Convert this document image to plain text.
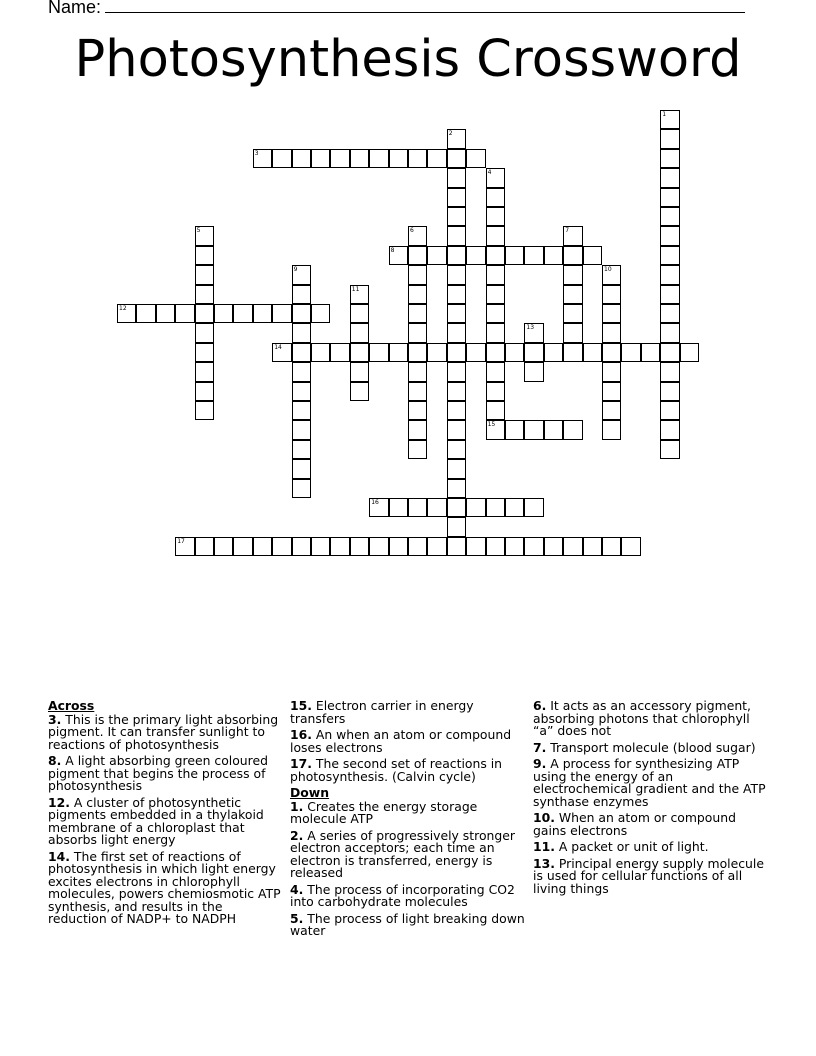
Name:
Photosynthesis Crossword
1
2
3
4
5	6	7
8
9	10
11
12
13
14
15
16
17
Across
3. This is the primary light absorbing pigment. It can transfer sunlight to reactions of photosynthesis
8. A light absorbing green coloured pigment that begins the process of photosynthesis
12. A cluster of photosynthetic pigments embedded in a thylakoid membrane of a chloroplast that absorbs light energy
14. The first set of reactions of photosynthesis in which light energy excites electrons in chlorophyll molecules, powers chemiosmotic ATP synthesis, and results in the reduction of NADP+ to NADPH
15. Electron carrier in energy transfers
16. An when an atom or compound loses electrons
17. The second set of reactions in photosynthesis. (Calvin cycle)
Down
1. Creates the energy storage molecule ATP
2. A series of progressively stronger electron acceptors; each time an electron is transferred, energy is released
4. The process of incorporating CO2 into carbohydrate molecules
5. The process of light breaking down water
6. It acts as an accessory pigment, absorbing photons that chlorophyll “a” does not
7. Transport molecule (blood sugar)
9. A process for synthesizing ATP using the energy of an electrochemical gradient and the ATP synthase enzymes
10. When an atom or compound gains electrons
11. A packet or unit of light.
13. Principal energy supply molecule is used for cellular functions of all living things
